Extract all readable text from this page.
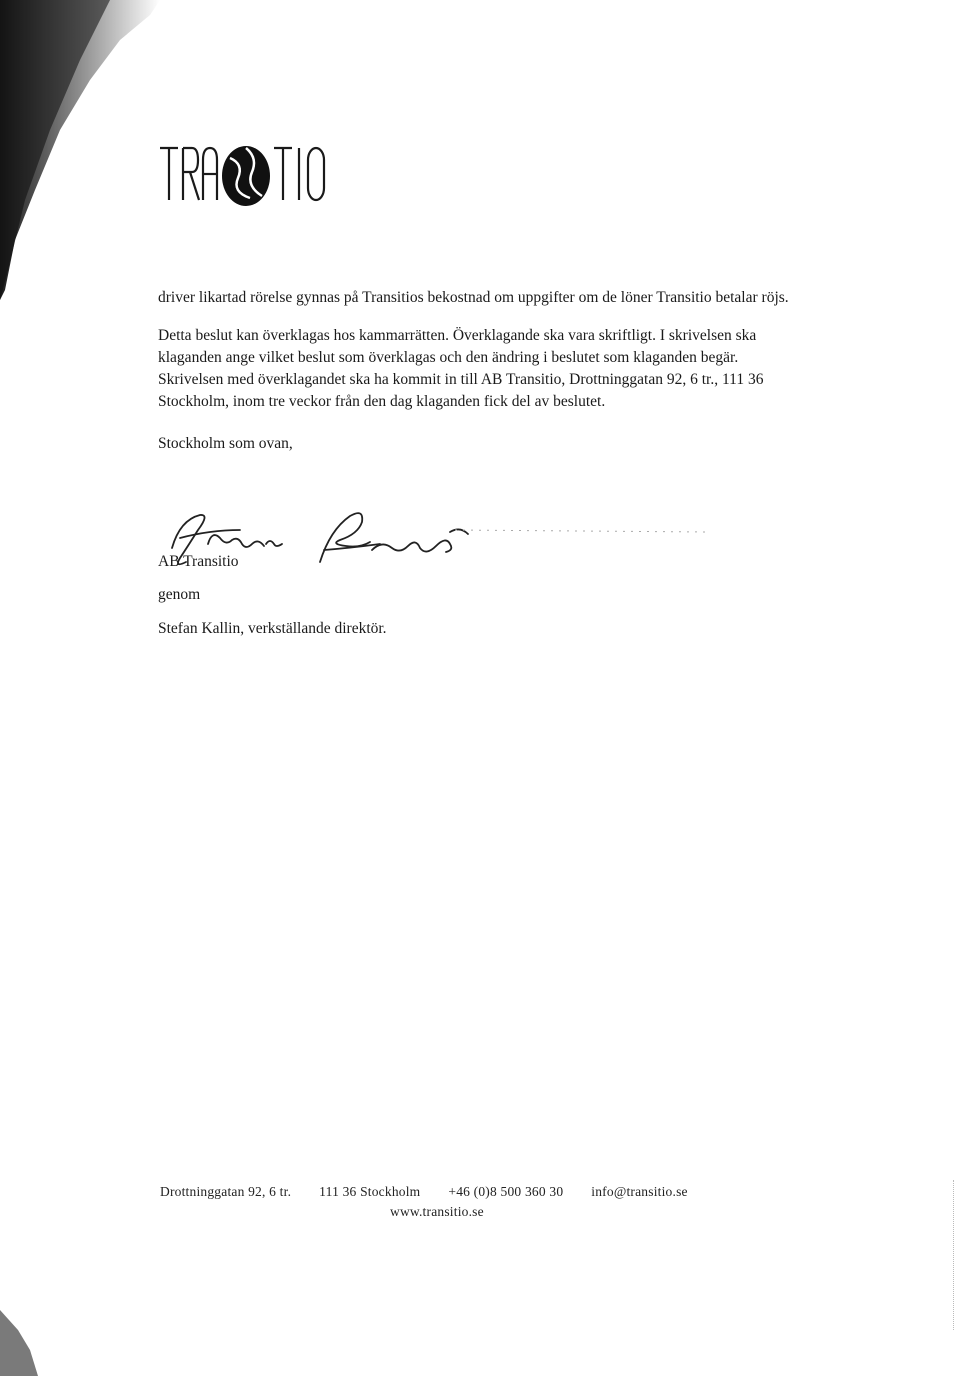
driver likartad rörelse gynnas på Transitios bekostnad om uppgifter om de löner Transitio betalar röjs.

Detta beslut kan överklagas hos kammarrätten. Överklagande ska vara skriftligt. I skrivelsen ska klaganden ange vilket beslut som överklagas och den ändring i beslutet som klaganden begär. Skrivelsen med överklagandet ska ha kommit in till AB Transitio, Drottninggatan 92, 6 tr., 111 36 Stockholm, inom tre veckor från den dag klaganden fick del av beslutet.

Stockholm som ovan,

AB Transitio
genom
Stefan Kallin, verkställande direktör.
Drottninggatan 92, 6 tr. 111 36 Stockholm +46 (0)8 500 360 30 info@transitio.se
www.transitio.se
